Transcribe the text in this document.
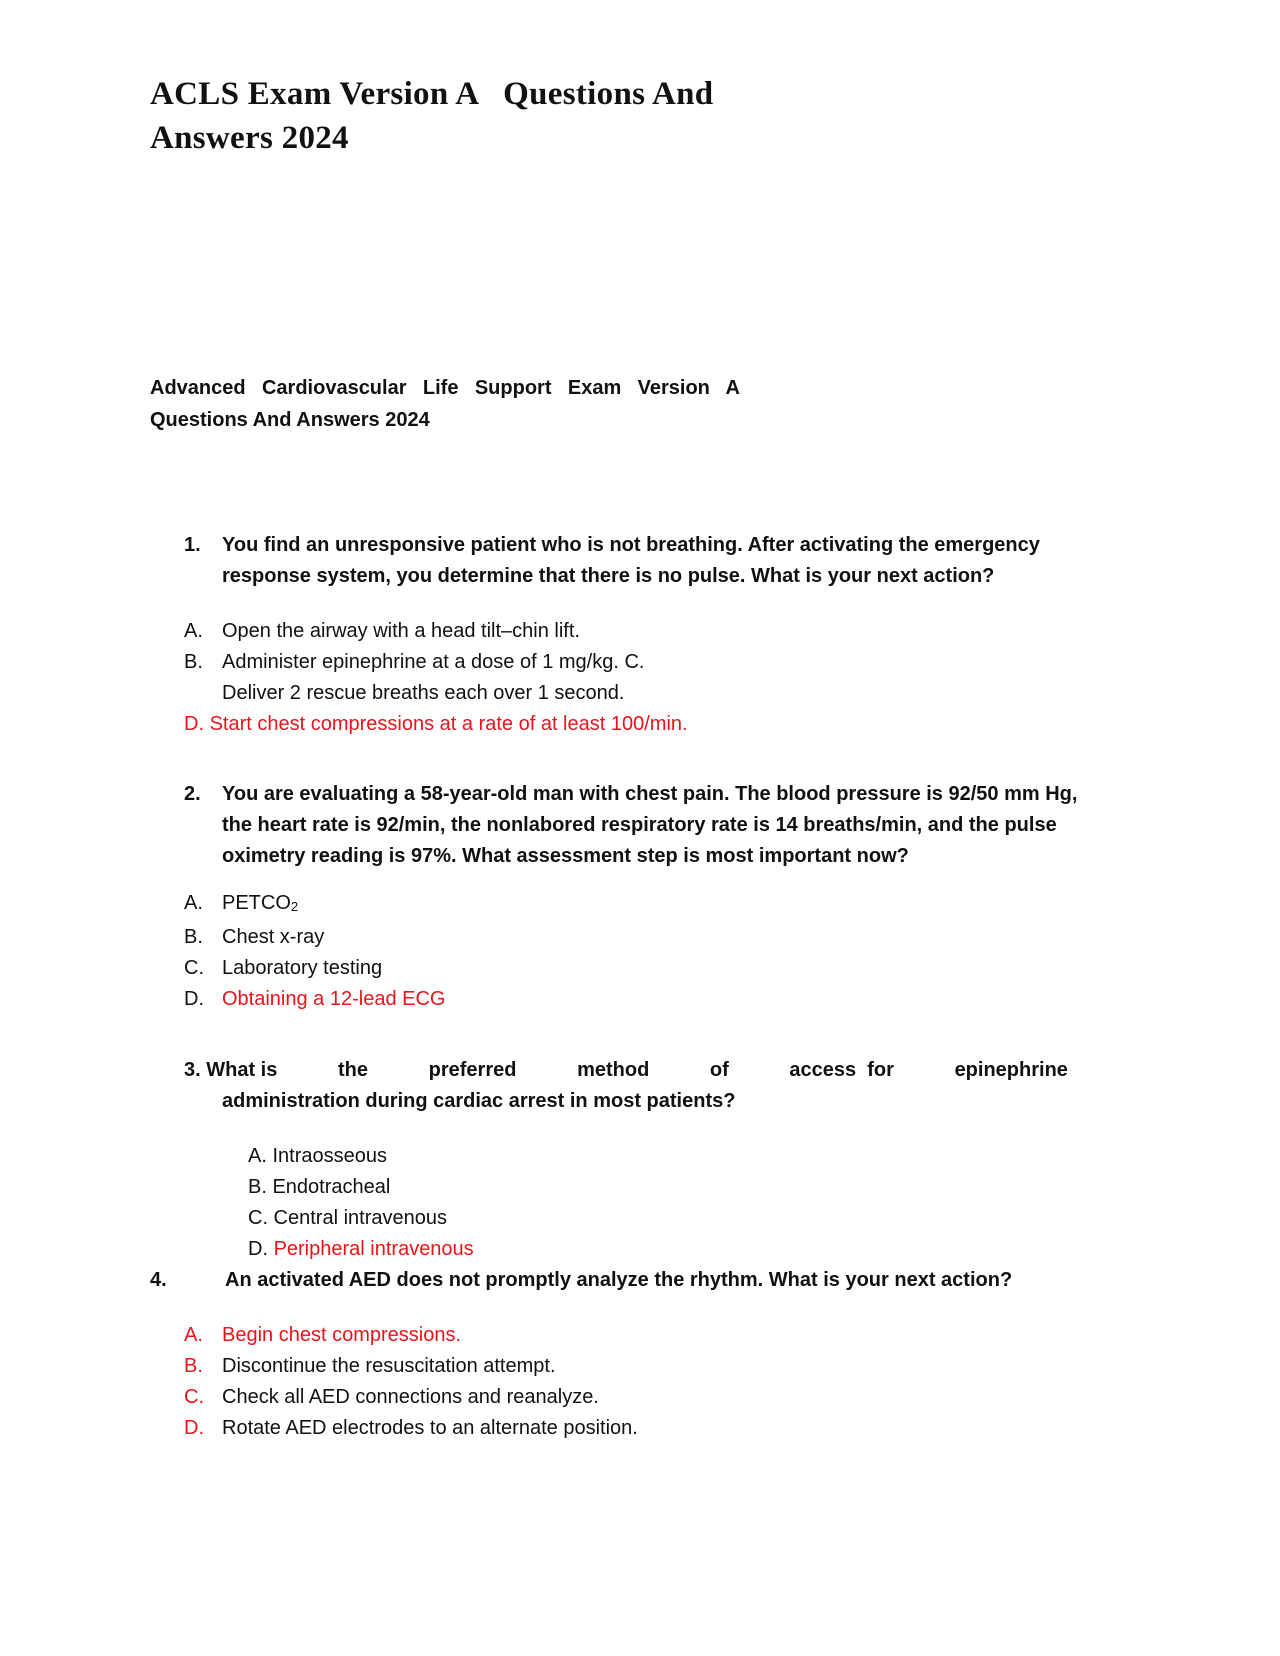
ACLS Exam Version A   Questions And
Answers 2024

Advanced Cardiovascular Life Support Exam Version A
Questions And Answers 2024

1. You find an unresponsive patient who is not breathing. After activating the emergency
response system, you determine that there is no pulse. What is your next action?
A. Open the airway with a head tilt–chin lift.
B. Administer epinephrine at a dose of 1 mg/kg. C.
Deliver 2 rescue breaths each over 1 second.
D. Start chest compressions at a rate of at least 100/min.
2. You are evaluating a 58-year-old man with chest pain. The blood pressure is 92/50 mm Hg,
the heart rate is 92/min, the nonlabored respiratory rate is 14 breaths/min, and the pulse
oximetry reading is 97%. What assessment step is most important now?
A. PETCO2
B. Chest x-ray
C. Laboratory testing
D. Obtaining a 12-lead ECG
3. What is	the	preferred	method	of	access  for	epinephrine
administration during cardiac arrest in most patients?
A. Intraosseous
B. Endotracheal
C. Central intravenous
D. Peripheral intravenous
4.	An activated AED does not promptly analyze the rhythm. What is your next action?
A. Begin chest compressions.
B. Discontinue the resuscitation attempt.
C. Check all AED connections and reanalyze.
D. Rotate AED electrodes to an alternate position.
